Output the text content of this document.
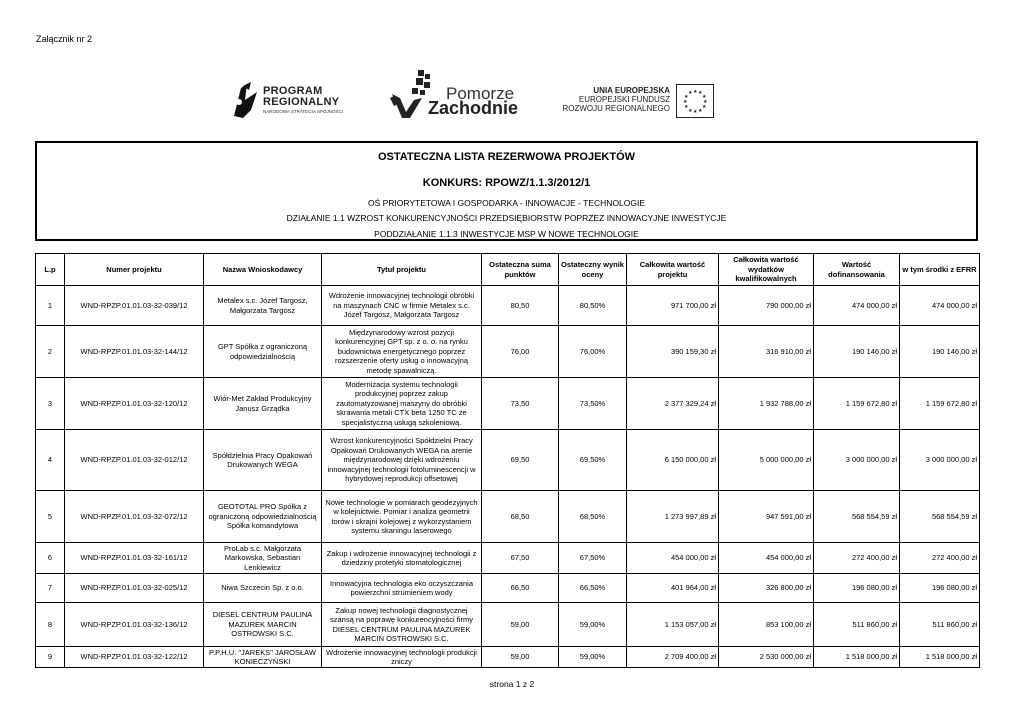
Załącznik nr 2
PROGRAM
REGIONALNY
NARODOWA STRATEGIA SPÓJNOŚCI
Pomorze
Zachodnie
UNIA EUROPEJSKA
EUROPEJSKI FUNDUSZ
ROZWOJU REGIONALNEGO
★ ★
★
★
★
★
★
★
★
★
★
★
OSTATECZNA LISTA REZERWOWA PROJEKTÓW
KONKURS: RPOWZ/1.1.3/2012/1
OŚ PRIORYTETOWA I GOSPODARKA - INNOWACJE - TECHNOLOGIE
DZIAŁANIE 1.1 WZROST KONKURENCYJNOŚCI PRZEDSIĘBIORSTW POPRZEZ INNOWACYJNE INWESTYCJE
PODDZIAŁANIE 1.1.3 INWESTYCJE MSP W NOWE TECHNOLOGIE
L.p	Numer projektu	Nazwa Wnioskodawcy	Tytuł projektu	Ostateczna suma punktów	Ostateczny wynik oceny	Całkowita wartość projektu	Całkowita wartość wydatków kwalifikowalnych	Wartość dofinansowania	w tym środki z EFRR
1	WND-RPZP.01.01.03-32-039/12	Metalex s.c. Józef Targosz, Małgorzata Targosz	Wdrożenie innowacyjnej technologii obróbki na maszynach CNC w firmie Metalex s.c. Józef Targosz, Małgorzata Targosz	80,50	80,50%	971 700,00 zł	790 000,00 zł	474 000,00 zł	474 000,00 zł
2	WND-RPZP.01.01.03-32-144/12	GPT Spółka z ograniczoną odpowiedzialnością	Międzynarodowy wzrost pozycji konkurencyjnej GPT sp. z o. o. na rynku budownictwa energetycznego poprzez rozszerzenie oferty usług o innowacyjną metodę spawalniczą.	76,00	76,00%	390 159,30 zł	316 910,00 zł	190 146,00 zł	190 146,00 zł
3	WND-RPZP.01.01.03-32-120/12	Wiór-Met Zakład Produkcyjny Janusz Grządka	Modernizacja systemu technologii produkcyjnej poprzez zakup zautomatyzowanej maszyny do obróbki skrawania metali CTX beta 1250 TC ze specjalistyczną usługą szkoleniową.	73,50	73,50%	2 377 329,24 zł	1 932 788,00 zł	1 159 672,80 zł	1 159 672,80 zł
4	WND-RPZP.01.01.03-32-012/12	Spółdzielnia Pracy Opakowań Drukowanych WEGA	Wzrost konkurencyjności Spółdzielni Pracy Opakowań Drukowanych WEGA na arenie międzynarodowej dzięki wdrożeniu innowacyjnej technologii fotoluminescencji w hybrydowej reprodukcji offsetowej	69,50	69,50%	6 150 000,00 zł	5 000 000,00 zł	3 000 000,00 zł	3 000 000,00 zł
5	WND-RPZP.01.01.03-32-072/12	GEOTOTAL PRO Spółka z ograniczoną odpowiedzialnością Spółka komandytowa	Nowe technologie w pomiarach geodezyjnych w kolejnictwie. Pomiar i analiza geometrii torów i skrajni kolejowej z wykorzystaniem systemu skaningu laserowego	68,50	68,50%	1 273 997,89 zł	947 591,00 zł	568 554,59 zł	568 554,59 zł
6	WND-RPZP.01.01.03-32-161/12	ProLab s.c. Małgorzata Markowska, Sebastian Lenkiewicz	Zakup i wdrożenie innowacyjnej technologii z dziedziny protetyki stomatologicznej	67,50	67,50%	454 000,00 zł	454 000,00 zł	272 400,00 zł	272 400,00 zł
7	WND-RPZP.01.01.03-32-025/12	Niwa Szczecin Sp. z o.o.	Innowacyjna technologia eko oczyszczania powierzchni strumieniem wody	66,50	66,50%	401 964,00 zł	326 800,00 zł	196 080,00 zł	196 080,00 zł
8	WND-RPZP.01.01.03-32-136/12	DIESEL CENTRUM PAULINA MAZUREK MARCIN OSTROWSKI S.C.	Zakup nowej technologii diagnostycznej szansą na poprawę konkurencyjności firmy DIESEL CENTRUM PAULINA MAZUREK MARCIN OSTROWSKI S.C.	59,00	59,00%	1 153 057,00 zł	853 100,00 zł	511 860,00 zł	511 860,00 zł
9	WND-RPZP.01.01.03-32-122/12	P.P.H.U. "JAREKS" JAROSŁAW KONIECZYŃSKI	Wdrożenie innowacyjnej technologii produkcji zniczy	59,00	59,00%	2 709 400,00 zł	2 530 000,00 zł	1 518 000,00 zł	1 518 000,00 zł
strona 1 z 2
